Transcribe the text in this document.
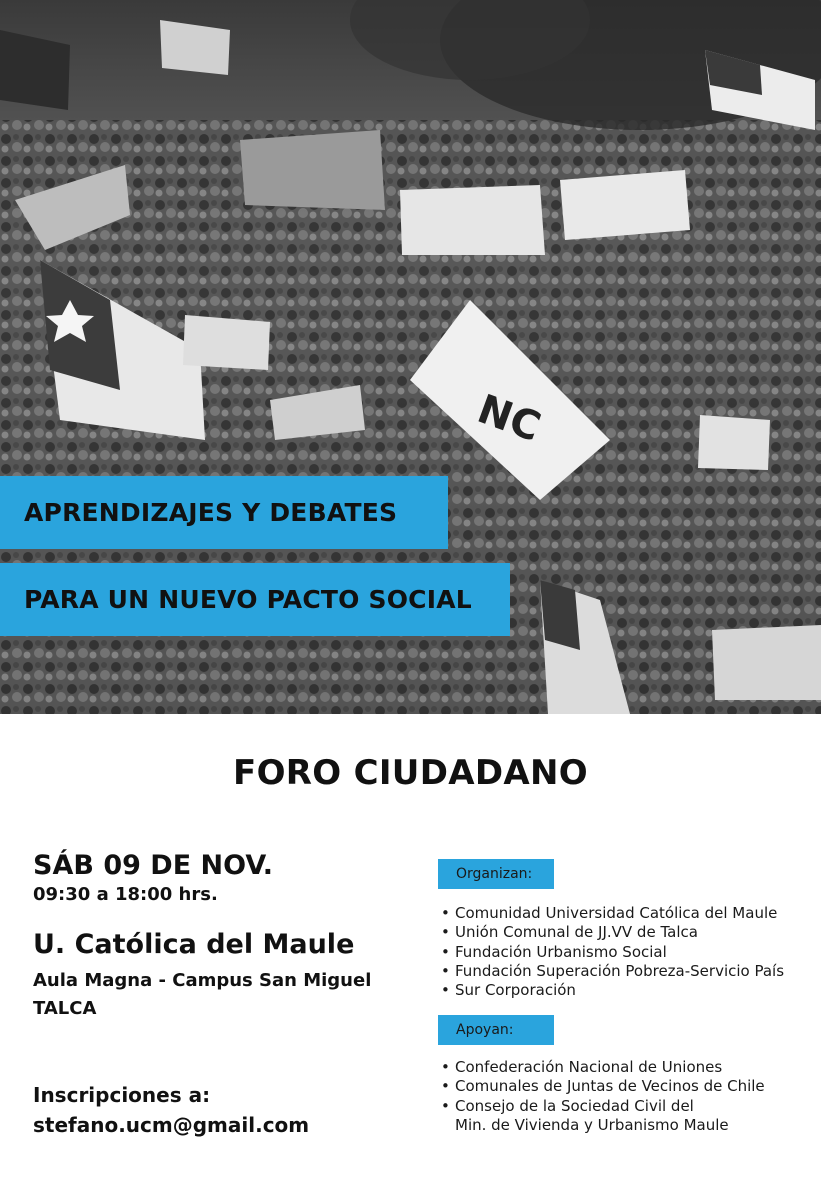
NC
APRENDIZAJES Y DEBATES
PARA UN NUEVO PACTO SOCIAL
FORO CIUDADANO
SÁB 09 DE NOV.
09:30 a 18:00 hrs.
U. Católica del Maule
Aula Magna - Campus San Miguel
TALCA
Inscripciones a:
stefano.ucm@gmail.com
Organizan:
• Comunidad Universidad Católica del Maule
• Unión Comunal de JJ.VV de Talca
• Fundación Urbanismo Social
• Fundación Superación Pobreza-Servicio País
• Sur Corporación
Apoyan:
• Confederación Nacional de Uniones
• Comunales de Juntas de Vecinos de Chile
• Consejo de la Sociedad Civil del
Min. de Vivienda y Urbanismo Maule
